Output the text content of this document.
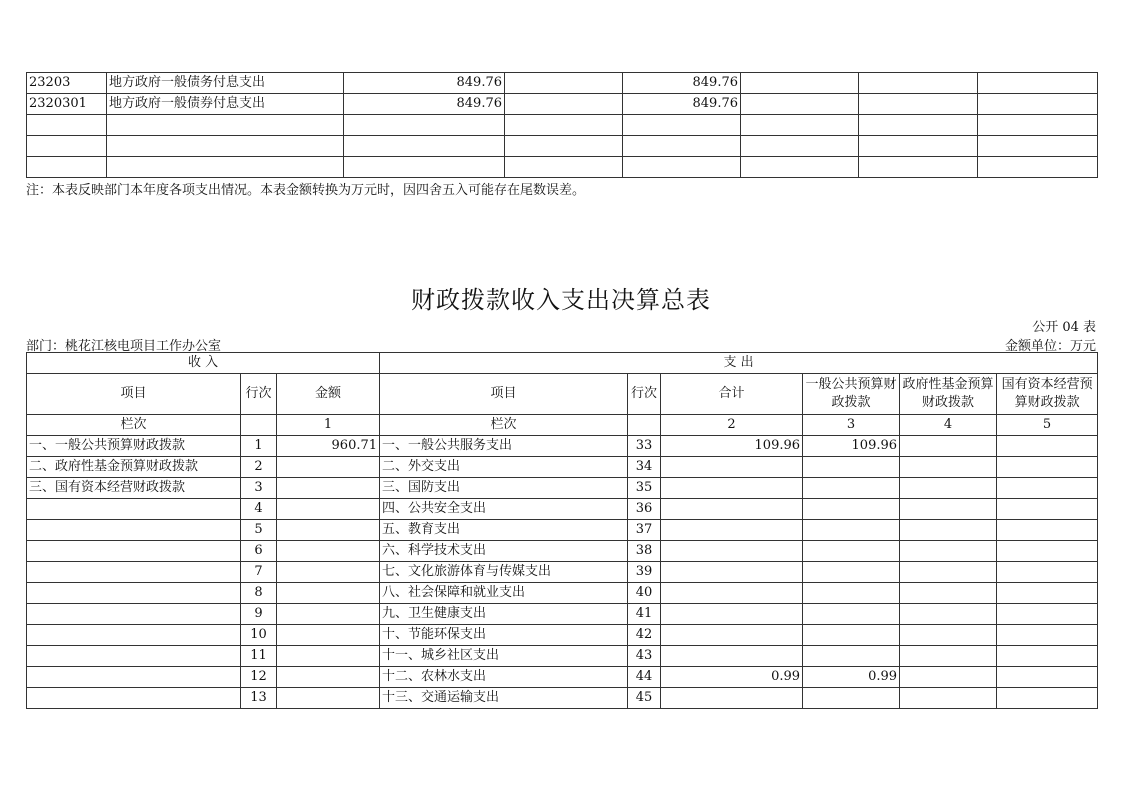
23203	地方政府一般债务付息支出	849.76		849.76			
2320301	地方政府一般债券付息支出	849.76		849.76			

注：本表反映部门本年度各项支出情况。本表金额转换为万元时，因四舍五入可能存在尾数误差。
财政拨款收入支出决算总表
公开 04 表
部门：桃花江核电项目工作办公室	金额单位：万元
收 入			支 出					
项目	行次	金额	项目	行次	合计	一般公共预算财政拨款	政府性基金预算财政拨款	国有资本经营预算财政拨款
栏次		1	栏次		2	3	4	5
一、一般公共预算财政拨款	1	960.71	一、一般公共服务支出	33	109.96	109.96		
二、政府性基金预算财政拨款	2		二、外交支出	34				
三、国有资本经营财政拨款	3		三、国防支出	35				
	4		四、公共安全支出	36				
	5		五、教育支出	37				
	6		六、科学技术支出	38				
	7		七、文化旅游体育与传媒支出	39				
	8		八、社会保障和就业支出	40				
	9		九、卫生健康支出	41				
	10		十、节能环保支出	42				
	11		十一、城乡社区支出	43				
	12		十二、农林水支出	44	0.99	0.99		
	13		十三、交通运输支出	45				
